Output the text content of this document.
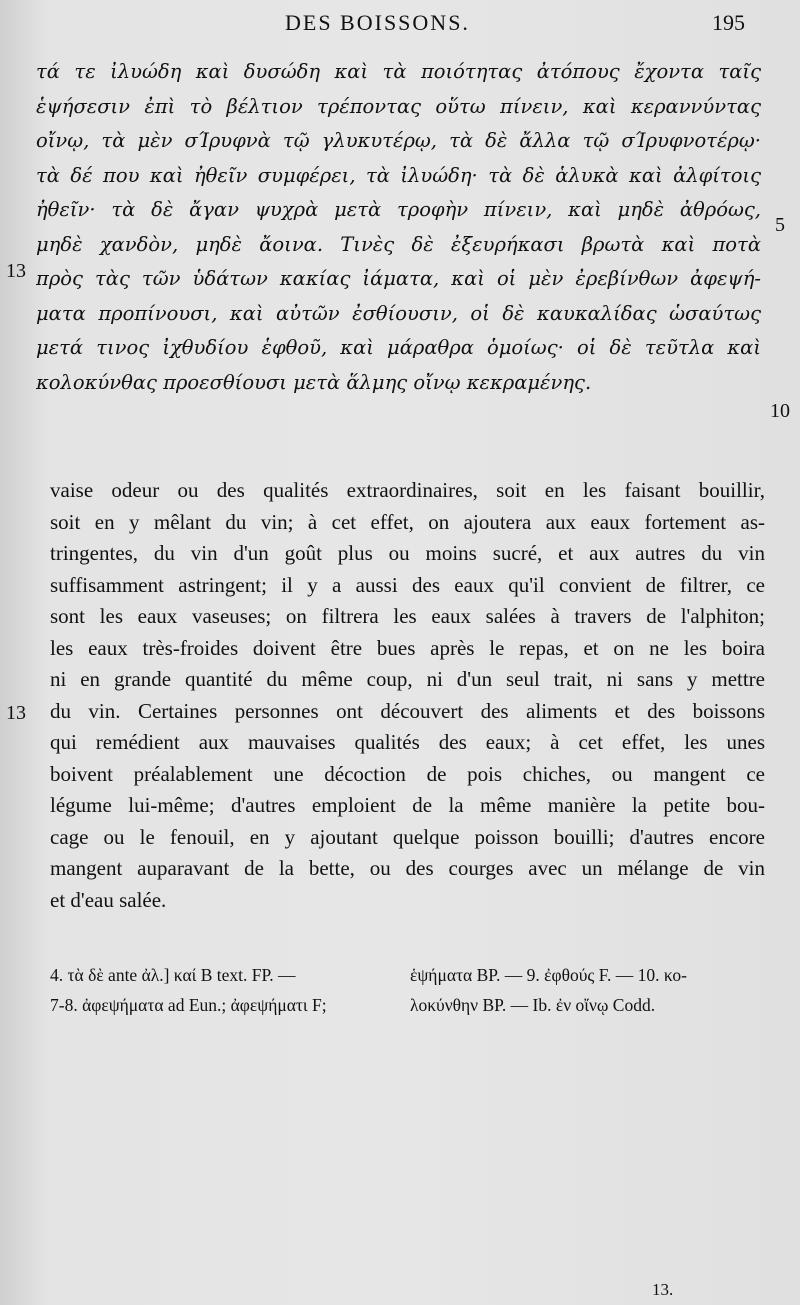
DES BOISSONS.	195
τά τε ἰλυώδη καὶ δυσώδη καὶ τὰ ποιότητας ἀτόπους ἔχοντα ταῖς
ἑψήσεσιν ἐπὶ τὸ βέλτιον τρέποντας οὕτω πίνειν, καὶ κεραννύντας
οἴνῳ, τὰ μὲν σΊρυφνὰ τῷ γλυκυτέρῳ, τὰ δὲ ἄλλα τῷ σΊρυφνοτέρῳ·
τὰ δέ που καὶ ἠθεῖν συμφέρει, τὰ ἰλυώδη· τὰ δὲ ἁλυκὰ καὶ ἀλφίτοις
ἠθεῖν· τὰ δὲ ἄγαν ψυχρὰ μετὰ τροφὴν πίνειν, καὶ μηδὲ ἀθρόως,
μηδὲ χανδὸν, μηδὲ ἄοινα. Τινὲς δὲ ἐξευρήκασι βρωτὰ καὶ ποτὰ
πρὸς τὰς τῶν ὑδάτων κακίας ἰάματα, καὶ οἱ μὲν ἐρεβίνθων ἀφεψή-
ματα προπίνουσι, καὶ αὐτῶν ἐσθίουσιν, οἱ δὲ καυκαλίδας ὡσαύτως
μετά τινος ἰχθυδίου ἑφθοῦ, καὶ μάραθρα ὁμοίως· οἱ δὲ τεῦτλα καὶ
κολοκύνθας προεσθίουσι μετὰ ἅλμης οἴνῳ κεκραμένης.
13
5
10
vaise odeur ou des qualités extraordinaires, soit en les faisant bouillir,
soit en y mêlant du vin; à cet effet, on ajoutera aux eaux fortement as-
tringentes, du vin d'un goût plus ou moins sucré, et aux autres du vin
suffisamment astringent; il y a aussi des eaux qu'il convient de filtrer, ce
sont les eaux vaseuses; on filtrera les eaux salées à travers de l'alphiton;
les eaux très-froides doivent être bues après le repas, et on ne les boira
ni en grande quantité du même coup, ni d'un seul trait, ni sans y mettre
du vin. Certaines personnes ont découvert des aliments et des boissons
qui remédient aux mauvaises qualités des eaux; à cet effet, les unes
boivent préalablement une décoction de pois chiches, ou mangent ce
légume lui-même; d'autres emploient de la même manière la petite bou-
cage ou le fenouil, en y ajoutant quelque poisson bouilli; d'autres encore
mangent auparavant de la bette, ou des courges avec un mélange de vin
et d'eau salée.
13
4. τὰ δὲ ante ἀλ.] καί B text. FP. —	ἑψήματα BP. — 9. ἐφθούς F. — 10. κο-
7-8. ἀφεψήματα ad Eun.; ἀφεψήματι F;	λοκύνθην BP. — Ib. ἐν οἴνῳ Codd.
13.
